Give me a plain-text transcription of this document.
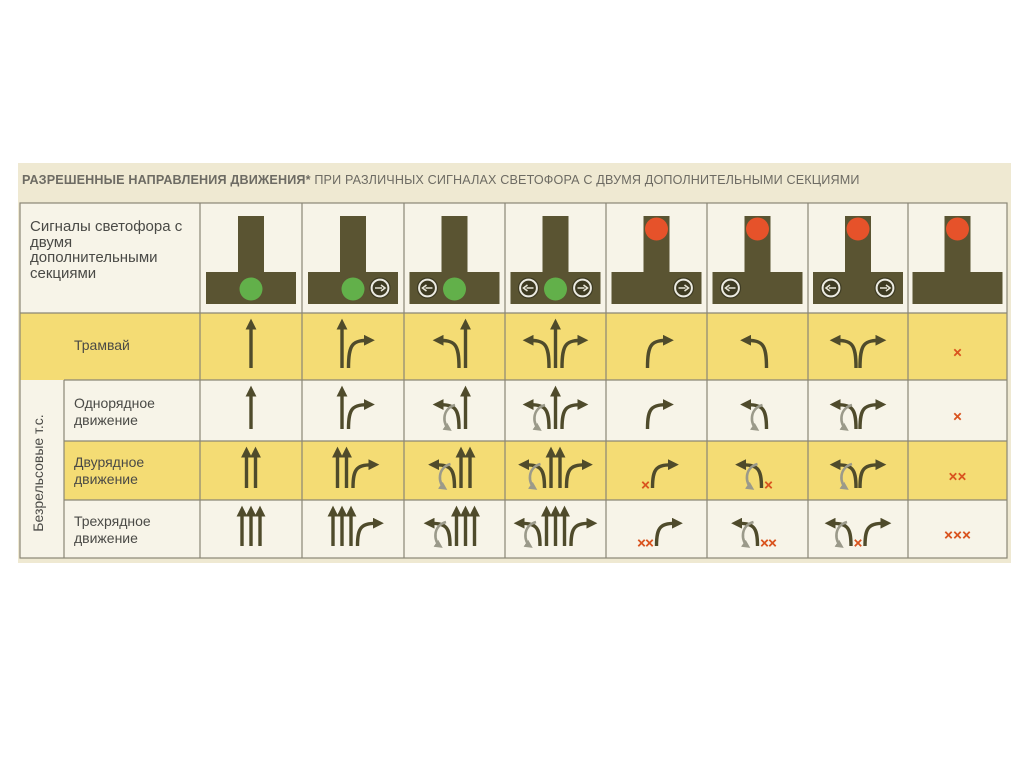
РАЗРЕШЕННЫЕ НАПРАВЛЕНИЯ ДВИЖЕНИЯ* ПРИ РАЗЛИЧНЫХ СИГНАЛАХ СВЕТОФОРА С ДВУМЯ ДОПОЛНИТЕЛЬНЫМИ СЕКЦИЯМИ
Сигналы светофора с двумя дополнительными секциями
Трамвай
Однорядное движение
Двурядное движение
Трехрядное движение
Безрельсовые т.с.
